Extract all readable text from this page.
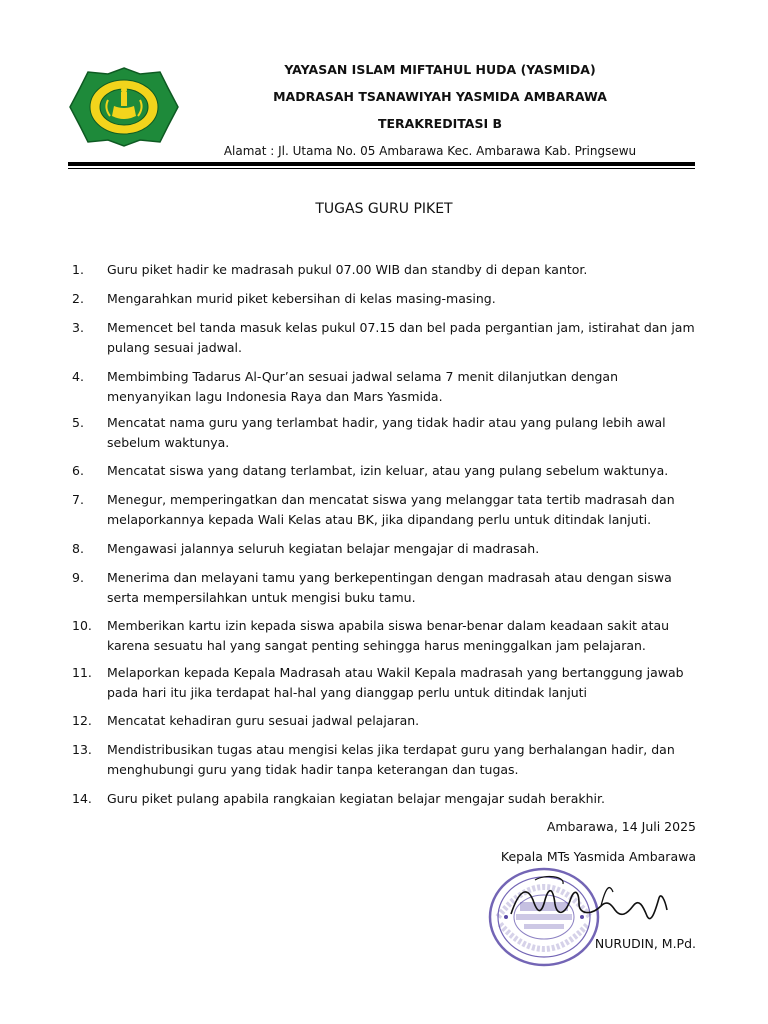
YAYASAN ISLAM MIFTAHUL HUDA (YASMIDA)
MADRASAH TSANAWIYAH YASMIDA AMBARAWA
TERAKREDITASI B
Alamat : Jl. Utama No. 05 Ambarawa Kec. Ambarawa Kab. Pringsewu
TUGAS GURU PIKET
1.	Guru piket hadir ke madrasah pukul 07.00 WIB dan standby di depan kantor.
2.	Mengarahkan murid piket kebersihan di kelas masing-masing.
3.	Memencet bel tanda masuk kelas pukul 07.15 dan bel pada pergantian jam, istirahat dan jam pulang sesuai jadwal.
4.	Membimbing Tadarus Al-Qur’an sesuai jadwal selama 7 menit dilanjutkan dengan menyanyikan lagu Indonesia Raya dan Mars Yasmida.
5.	Mencatat nama guru yang terlambat hadir, yang tidak hadir atau yang pulang lebih awal sebelum waktunya.
6.	Mencatat siswa yang datang terlambat, izin keluar, atau yang pulang sebelum waktunya.
7.	Menegur, memperingatkan dan mencatat siswa yang melanggar tata tertib madrasah dan melaporkannya kepada Wali Kelas atau BK, jika dipandang perlu untuk ditindak lanjuti.
8.	Mengawasi jalannya seluruh kegiatan belajar mengajar di madrasah.
9.	Menerima dan melayani tamu yang berkepentingan dengan madrasah atau dengan siswa serta mempersilahkan untuk mengisi buku tamu.
10.	Memberikan kartu izin kepada siswa apabila siswa benar-benar dalam keadaan sakit atau karena sesuatu hal yang sangat penting sehingga harus meninggalkan jam pelajaran.
11.	Melaporkan kepada Kepala Madrasah atau Wakil Kepala madrasah yang bertanggung jawab pada hari itu jika terdapat hal-hal yang dianggap perlu untuk ditindak lanjuti
12.	Mencatat kehadiran guru sesuai jadwal pelajaran.
13.	Mendistribusikan tugas atau mengisi kelas jika terdapat guru yang berhalangan hadir, dan menghubungi guru yang tidak hadir tanpa keterangan dan tugas.
14.	Guru piket pulang apabila rangkaian kegiatan belajar mengajar sudah berakhir.
Ambarawa, 14 Juli 2025
Kepala MTs Yasmida Ambarawa
NURUDIN, M.Pd.
